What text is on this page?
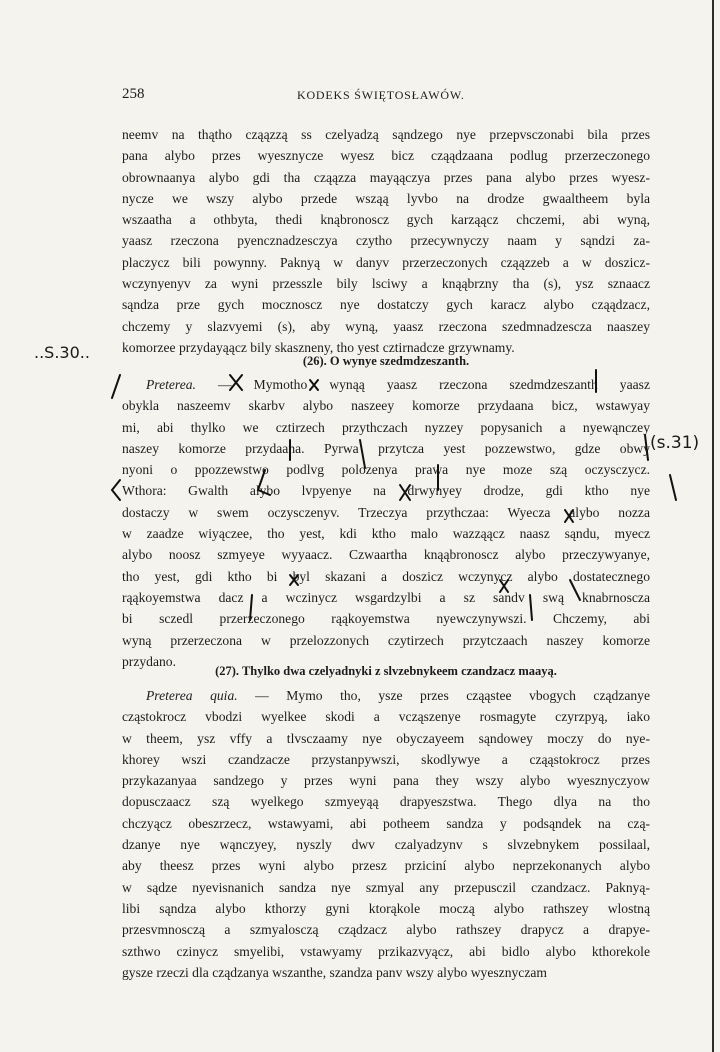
258	KODEKS ŚWIĘTOSŁAWÓW.
neemv na thątho cząązzą ss czelyadzą sąndzego nye przepvsczonabi bila przes
pana alybo przes wyesznycze wyesz bicz cząądzaana podlug przerzeczonego
obrownaanya alybo gdi tha cząązza mayąączya przes pana alybo przes wyesz-
nycze we wszy alybo przede wsząą lyvbo na drodze gwaaltheem byla
wszaatha a othbyta, thedi knąbronoscz gych karząącz chczemi, abi wyną,
yaasz rzeczona pyencznadzesczya czytho przecywnyczy naam y sąndzi za-
placzycz bili powynny. Paknyą w danyv przerzeczonych cząązzeb a w doszicz-
wczynyenyv za wyni przesszle bily lsciwy a knąąbrzny tha (s), ysz sznaacz
sąndza prze gych mocznoscz nye dostatczy gych karacz alybo cząądzacz,
chczemy y slazvyemi (s), aby wyną, yaasz rzeczona szedmnadzescza naaszey
komorzee przydayąącz bily skaszneny, tho yest cztirnadcze grzywnamy.
..S.30..	(26). O wynye szedmdzeszanth.
Preterea. — Mymotho wynąą yaasz rzeczona szedmdzeszanth yaasz
obykla naszeemv skarbv alybo naszeey komorze przydaana bicz, wstawyay
mi, abi thylko we cztirzech przythczach nyzzey popysanich a nyewąnczey
naszey komorze przydaana. Pyrwa przytcza yest pozzewstwo, gdze obwy
nyoni o ppozzewstwo podlvg polozenya prawa nye moze szą oczysczycz.
Wthora: Gwalth alybo lvpyenye na drwynyey drodze, gdi ktho nye
dostaczy w swem oczysczenyv. Trzeczya przythczaa: Wyecza alybo nozza
w zaadze wiyączee, tho yest, kdi ktho malo wazząącz naasz sąndu, myecz
alybo noosz szmyeye wyyaacz. Czwaartha knąąbronoscz alybo przeczywyanye,
tho yest, gdi ktho bi byl skazani a doszicz wczynycz alybo dostatecznego
rąąkoyemstwa dacz a wczinycz wsgardzylbi a sz sandv swą knabrnoscza
bi sczedl przerzeczonego rąąkoyemstwa nyewczynywszi. Chczemy, abi
wyną przerzeczona w przelozzonych czytirzech przytczaach naszey komorze
przydano.
(s.31)
(27). Thylko dwa czelyadnyki z slvzebnykeem czandzacz maayą.
Preterea quia. — Mymo tho, ysze przes cząąstee vbogych cządzanye
cząstokrocz vbodzi wyelkee skodi a vcząszenye rosmagyte czyrzpyą, iako
w theem, ysz vffy a tlvsczaamy nye obyczayeem sąndowey moczy do nye-
khorey wszi czandzacze przystanpywszi, skodlywye a cząąstokrocz przes
przykazanyaa sandzego y przes wyni pana they wszy alybo wyesznyczyow
dopusczaacz szą wyelkego szmyeyąą drapyeszstwa. Thego dlya na tho
chczyącz obeszrzecz, wstawyami, abi potheem sandza y podsąndek na czą-
dzanye nye wąnczyey, nyszly dwv czalyadzynv s slvzebnykem possilaal,
aby theesz przes wyni alybo przesz prziciní alybo neprzekonanych alybo
w sądze nyevisnanich sandza nye szmyal any przepusczil czandzacz. Paknyą-
libi sąndza alybo kthorzy gyni ktorąkole moczą alybo rathszey wlostną
przesvmnosczą a szmyalosczą cządzacz alybo rathszey drapycz a drapye-
szthwo czinycz smyelibi, vstawyamy przikazvyącz, abi bidlo alybo kthorekole
gysze rzeczi dla cządzanya wszanthe, szandza panv wszy alybo wyesznyczam
